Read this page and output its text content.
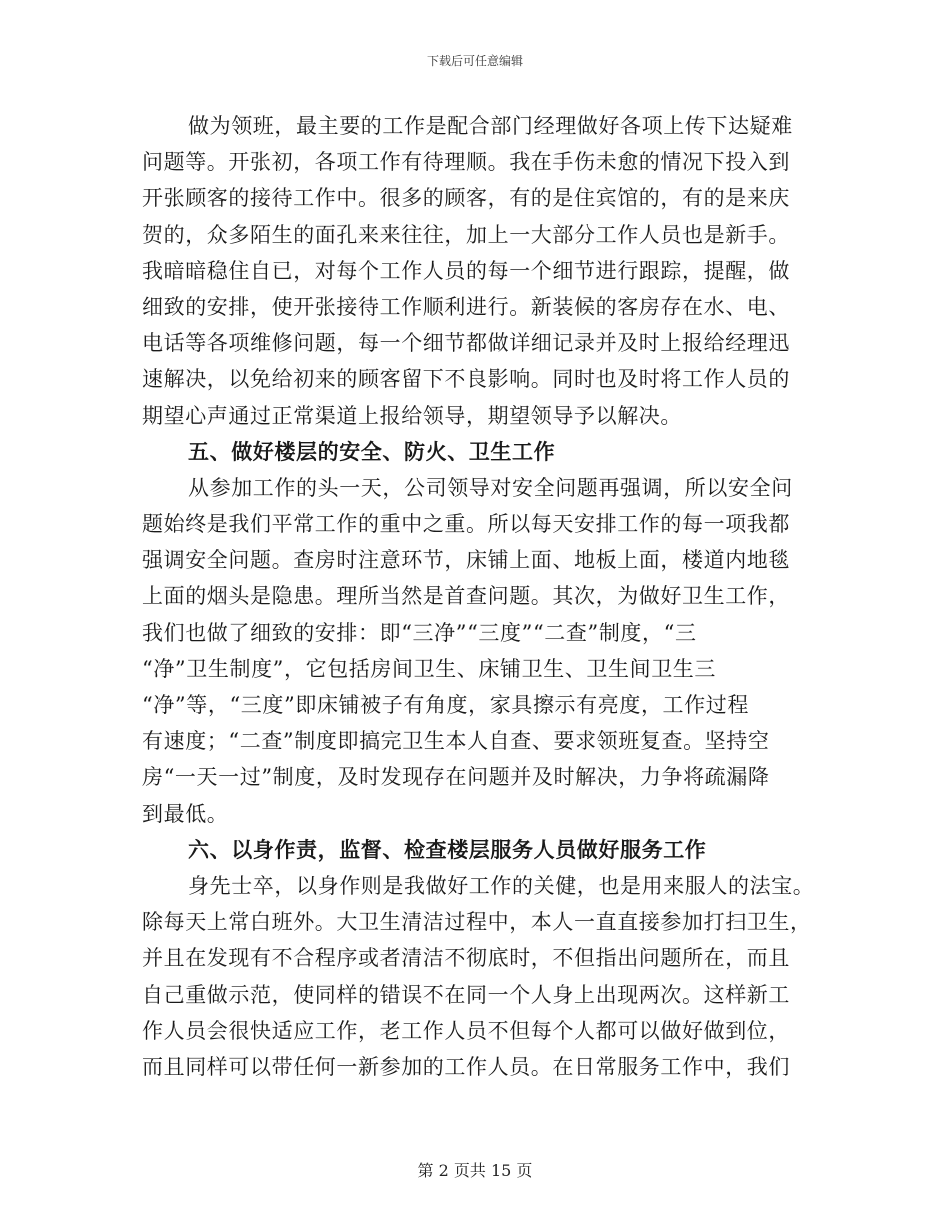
下载后可任意编辑
做为领班，最主要的工作是配合部门经理做好各项上传下达疑难
问题等。开张初，各项工作有待理顺。我在手伤未愈的情况下投入到
开张顾客的接待工作中。很多的顾客，有的是住宾馆的，有的是来庆
贺的，众多陌生的面孔来来往往，加上一大部分工作人员也是新手。
我暗暗稳住自已，对每个工作人员的每一个细节进行跟踪，提醒，做
细致的安排，使开张接待工作顺利进行。新装候的客房存在水、电、
电话等各项维修问题，每一个细节都做详细记录并及时上报给经理迅
速解决，以免给初来的顾客留下不良影响。同时也及时将工作人员的
期望心声通过正常渠道上报给领导，期望领导予以解决。
五、做好楼层的安全、防火、卫生工作
从参加工作的头一天，公司领导对安全问题再强调，所以安全问
题始终是我们平常工作的重中之重。所以每天安排工作的每一项我都
强调安全问题。查房时注意环节，床铺上面、地板上面，楼道内地毯
上面的烟头是隐患。理所当然是首查问题。其次，为做好卫生工作，
我们也做了细致的安排：即“三净”“三度”“二查”制度，“三
“净”卫生制度”，它包括房间卫生、床铺卫生、卫生间卫生三
“净”等，“三度”即床铺被子有角度，家具擦示有亮度，工作过程
有速度；“二查”制度即搞完卫生本人自查、要求领班复查。坚持空
房“一天一过”制度，及时发现存在问题并及时解决，力争将疏漏降
到最低。
六、以身作责，监督、检查楼层服务人员做好服务工作
身先士卒，以身作则是我做好工作的关健，也是用来服人的法宝。
除每天上常白班外。大卫生清洁过程中，本人一直直接参加打扫卫生，
并且在发现有不合程序或者清洁不彻底时，不但指出问题所在，而且
自己重做示范，使同样的错误不在同一个人身上出现两次。这样新工
作人员会很快适应工作，老工作人员不但每个人都可以做好做到位，
而且同样可以带任何一新参加的工作人员。在日常服务工作中，我们
第 2 页共 15 页
